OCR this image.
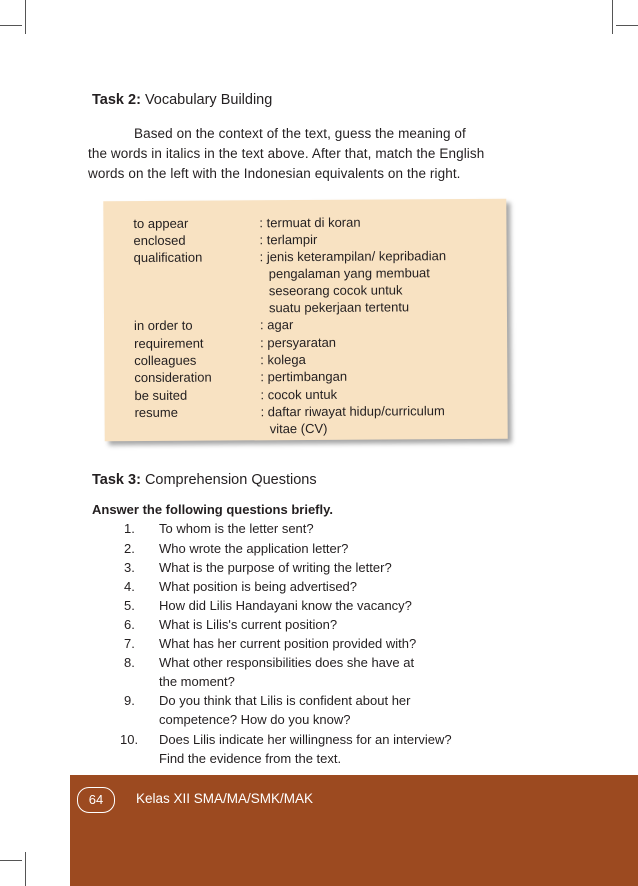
Task 2: Vocabulary Building
Based on the context of the text, guess the meaning of
the words in italics in the text above. After that, match the English
words on the left with the Indonesian equivalents on the right.
to appear	: termuat di koran
enclosed	: terlampir
qualification	: jenis keterampilan/ kepribadian
pengalaman yang membuat
seseorang cocok untuk
suatu pekerjaan tertentu
in order to	: agar
requirement	: persyaratan
colleagues	: kolega
consideration	: pertimbangan
be suited	: cocok untuk
resume	: daftar riwayat hidup/curriculum
vitae (CV)
Task 3: Comprehension Questions
Answer the following questions briefly.
1. To whom is the letter sent?
2. Who wrote the application letter?
3. What is the purpose of writing the letter?
4. What position is being advertised?
5. How did Lilis Handayani know the vacancy?
6. What is Lilis's current position?
7. What has her current position provided with?
8. What other responsibilities does she have at
the moment?
9. Do you think that Lilis is confident about her
competence? How do you know?
10. Does Lilis indicate her willingness for an interview?
Find the evidence from the text.
64	Kelas XII SMA/MA/SMK/MAK
